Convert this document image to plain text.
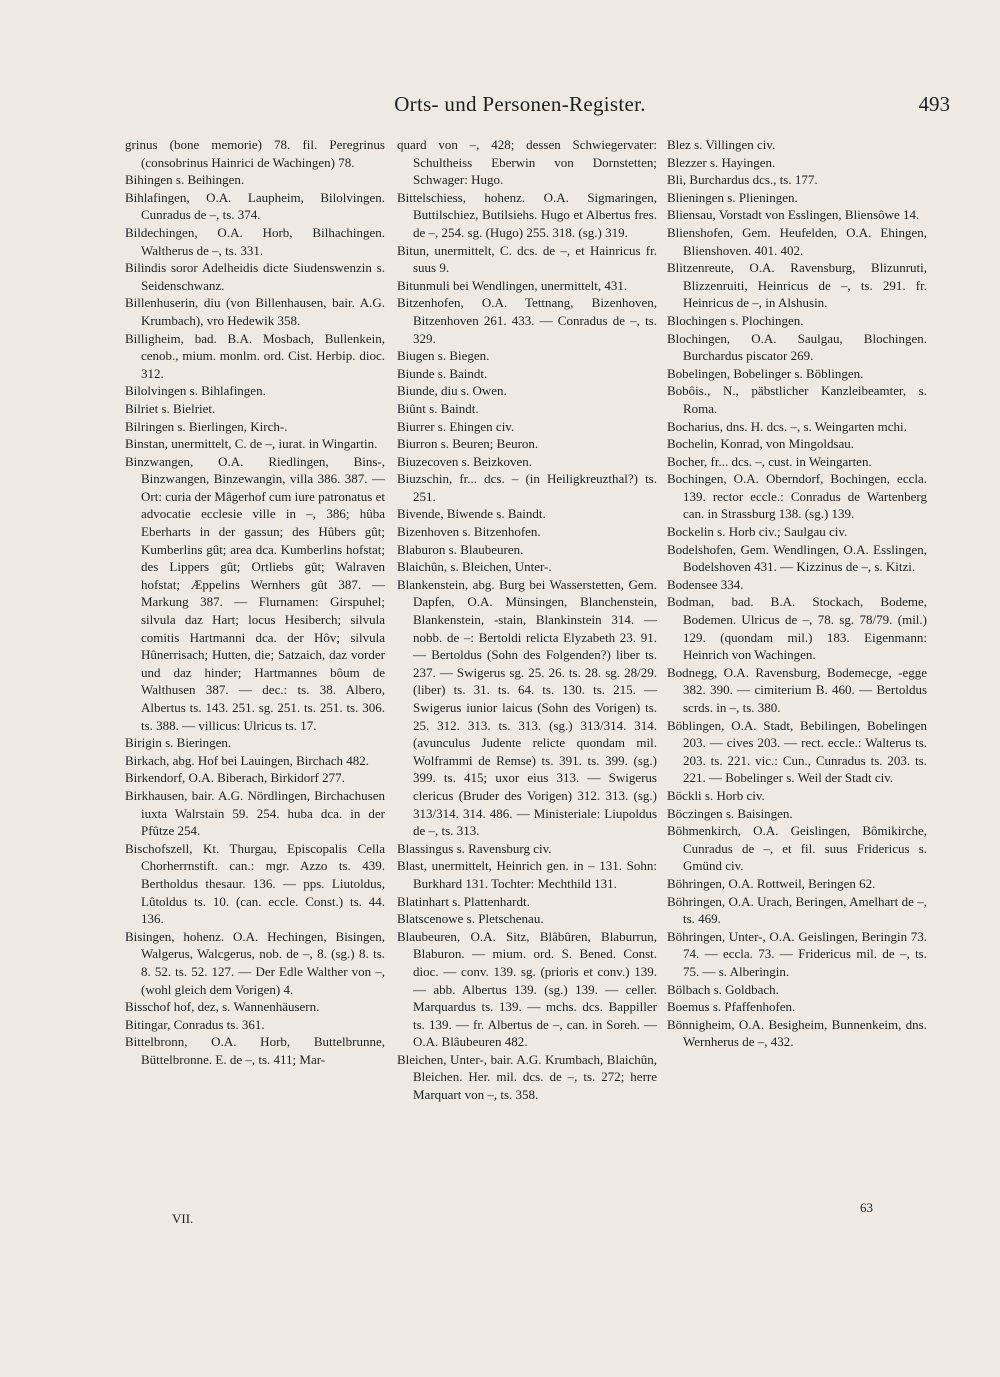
Orts- und Personen-Register.	493

grinus (bone memorie) 78. fil. Peregrinus (consobrinus Hainrici de Wachingen) 78.

Bihingen s. Beihingen.

Bihlafingen, O.A. Laupheim, Bilolvingen. Cunradus de –, ts. 374.

Bildechingen, O.A. Horb, Bilhachingen. Waltherus de –, ts. 331.

Bilindis soror Adelheidis dicte Siudenswenzin s. Seidenschwanz.

Billenhuserin, diu (von Billenhausen, bair. A.G. Krumbach), vro Hedewik 358.

Billigheim, bad. B.A. Mosbach, Bullenkein, cenob., mium. monlm. ord. Cist. Herbip. dioc. 312.

Bilolvingen s. Bihlafingen.

Bilriet s. Bielriet.

Bilringen s. Bierlingen, Kirch-.

Binstan, unermittelt, C. de –, iurat. in Wingartin.

Binzwangen, O.A. Riedlingen, Bins-, Binzwangen, Binzewangin, villa 386. 387. — Ort: curia der Mâgerhof cum iure patronatus et advocatie ecclesie ville in –, 386; hûba Eberharts in der gassun; des Hûbers gût; Kumberlins gût; area dca. Kumberlins hofstat; des Lippers gût; Ortliebs gût; Walraven hofstat; Æppelins Wernhers gût 387. — Markung 387. — Flurnamen: Girspuhel; silvula daz Hart; locus Hesiberch; silvula comitis Hartmanni dca. der Hôv; silvula Hûnerrisach; Hutten, die; Satzaich, daz vorder und daz hinder; Hartmannes bôum de Walthusen 387. — dec.: ts. 38. Albero, Albertus ts. 143. 251. sg. 251. ts. 251. ts. 306. ts. 388. — villicus: Ulricus ts. 17.

Birigin s. Bieringen.

Birkach, abg. Hof bei Lauingen, Birchach 482.

Birkendorf, O.A. Biberach, Birkidorf 277.

Birkhausen, bair. A.G. Nördlingen, Birchachusen iuxta Walrstain 59. 254. huba dca. in der Pfûtze 254.

Bischofszell, Kt. Thurgau, Episcopalis Cella Chorherrnstift. can.: mgr. Azzo ts. 439. Bertholdus thesaur. 136. — pps. Liutoldus, Lûtoldus ts. 10. (can. eccle. Const.) ts. 44. 136.

Bisingen, hohenz. O.A. Hechingen, Bisingen, Walgerus, Walcgerus, nob. de –, 8. (sg.) 8. ts. 8. 52. ts. 52. 127. — Der Edle Walther von –, (wohl gleich dem Vorigen) 4.

Bisschof hof, dez, s. Wannenhäusern.

Bitingar, Conradus ts. 361.

Bittelbronn, O.A. Horb, Buttelbrunne, Büttelbronne. E. de –, ts. 411; Mar-

quard von –, 428; dessen Schwiegervater: Schultheiss Eberwin von Dornstetten; Schwager: Hugo.

Bittelschiess, hohenz. O.A. Sigmaringen, Buttilschiez, Butilsiehs. Hugo et Albertus fres. de –, 254. sg. (Hugo) 255. 318. (sg.) 319.

Bitun, unermittelt, C. dcs. de –, et Hainricus fr. suus 9.

Bitunmuli bei Wendlingen, unermittelt, 431.

Bitzenhofen, O.A. Tettnang, Bizenhoven, Bitzenhoven 261. 433. — Conradus de –, ts. 329.

Biugen s. Biegen.

Biunde s. Baindt.

Biunde, diu s. Owen.

Biûnt s. Baindt.

Biurrer s. Ehingen civ.

Biurron s. Beuren; Beuron.

Biuzecoven s. Beizkoven.

Biuzschin, fr... dcs. – (in Heiligkreuzthal?) ts. 251.

Bivende, Biwende s. Baindt.

Bizenhoven s. Bitzenhofen.

Blaburon s. Blaubeuren.

Blaichûn, s. Bleichen, Unter-.

Blankenstein, abg. Burg bei Wasserstetten, Gem. Dapfen, O.A. Münsingen, Blanchenstein, Blankenstein, -stain, Blankinstein 314. — nobb. de –: Bertoldi relicta Elyzabeth 23. 91. — Bertoldus (Sohn des Folgenden?) liber ts. 237. — Swigerus sg. 25. 26. ts. 28. sg. 28/29. (liber) ts. 31. ts. 64. ts. 130. ts. 215. — Swigerus iunior laicus (Sohn des Vorigen) ts. 25. 312. 313. ts. 313. (sg.) 313/314. 314. (avunculus Judente relicte quondam mil. Wolframmi de Remse) ts. 391. ts. 399. (sg.) 399. ts. 415; uxor eius 313. — Swigerus clericus (Bruder des Vorigen) 312. 313. (sg.) 313/314. 314. 486. — Ministeriale: Liupoldus de –, ts. 313.

Blassingus s. Ravensburg civ.

Blast, unermittelt, Heinrich gen. in – 131. Sohn: Burkhard 131. Tochter: Mechthild 131.

Blatinhart s. Plattenhardt.

Blatscenowe s. Pletschenau.

Blaubeuren, O.A. Sitz, Blâbûren, Blaburrun, Blaburon. — mium. ord. S. Bened. Const. dioc. — conv. 139. sg. (prioris et conv.) 139. — abb. Albertus 139. (sg.) 139. — celler. Marquardus ts. 139. — mchs. dcs. Bappiller ts. 139. — fr. Albertus de –, can. in Soreh. — O.A. Blâubeuren 482.

Bleichen, Unter-, bair. A.G. Krumbach, Blaichûn, Bleichen. Her. mil. dcs. de –, ts. 272; herre Marquart von –, ts. 358.

Blez s. Villingen civ.

Blezzer s. Hayingen.

Bli, Burchardus dcs., ts. 177.

Blieningen s. Plieningen.

Bliensau, Vorstadt von Esslingen, Bliensôwe 14.

Blienshofen, Gem. Heufelden, O.A. Ehingen, Blienshoven. 401. 402.

Blitzenreute, O.A. Ravensburg, Blizunruti, Blizzenruiti, Heinricus de –, ts. 291. fr. Heinricus de –, in Alshusin.

Blochingen s. Plochingen.

Blochingen, O.A. Saulgau, Blochingen. Burchardus piscator 269.

Bobelingen, Bobelinger s. Böblingen.

Bobôis., N., päbstlicher Kanzleibeamter, s. Roma.

Bocharius, dns. H. dcs. –, s. Weingarten mchi.

Bochelin, Konrad, von Mingoldsau.

Bocher, fr... dcs. –, cust. in Weingarten.

Bochingen, O.A. Oberndorf, Bochingen, eccla. 139. rector eccle.: Conradus de Wartenberg can. in Strassburg 138. (sg.) 139.

Bockelin s. Horb civ.; Saulgau civ.

Bodelshofen, Gem. Wendlingen, O.A. Esslingen, Bodelshoven 431. — Kizzinus de –, s. Kitzi.

Bodensee 334.

Bodman, bad. B.A. Stockach, Bodeme, Bodemen. Ulricus de –, 78. sg. 78/79. (mil.) 129. (quondam mil.) 183. Eigenmann: Heinrich von Wachingen.

Bodnegg, O.A. Ravensburg, Bodemecge, -egge 382. 390. — cimiterium B. 460. — Bertoldus scrds. in –, ts. 380.

Böblingen, O.A. Stadt, Bebilingen, Bobelingen 203. — cives 203. — rect. eccle.: Walterus ts. 203. ts. 221. vic.: Cun., Cunradus ts. 203. ts. 221. — Bobelinger s. Weil der Stadt civ.

Böckli s. Horb civ.

Böczingen s. Baisingen.

Böhmenkirch, O.A. Geislingen, Bômikirche, Cunradus de –, et fil. suus Fridericus s. Gmünd civ.

Böhringen, O.A. Rottweil, Beringen 62.

Böhringen, O.A. Urach, Beringen, Amelhart de –, ts. 469.

Böhringen, Unter-, O.A. Geislingen, Beringin 73. 74. — eccla. 73. — Fridericus mil. de –, ts. 75. — s. Alberingin.

Bölbach s. Goldbach.

Boemus s. Pfaffenhofen.

Bönnigheim, O.A. Besigheim, Bunnenkeim, dns. Wernherus de –, 432.

VII.
63
